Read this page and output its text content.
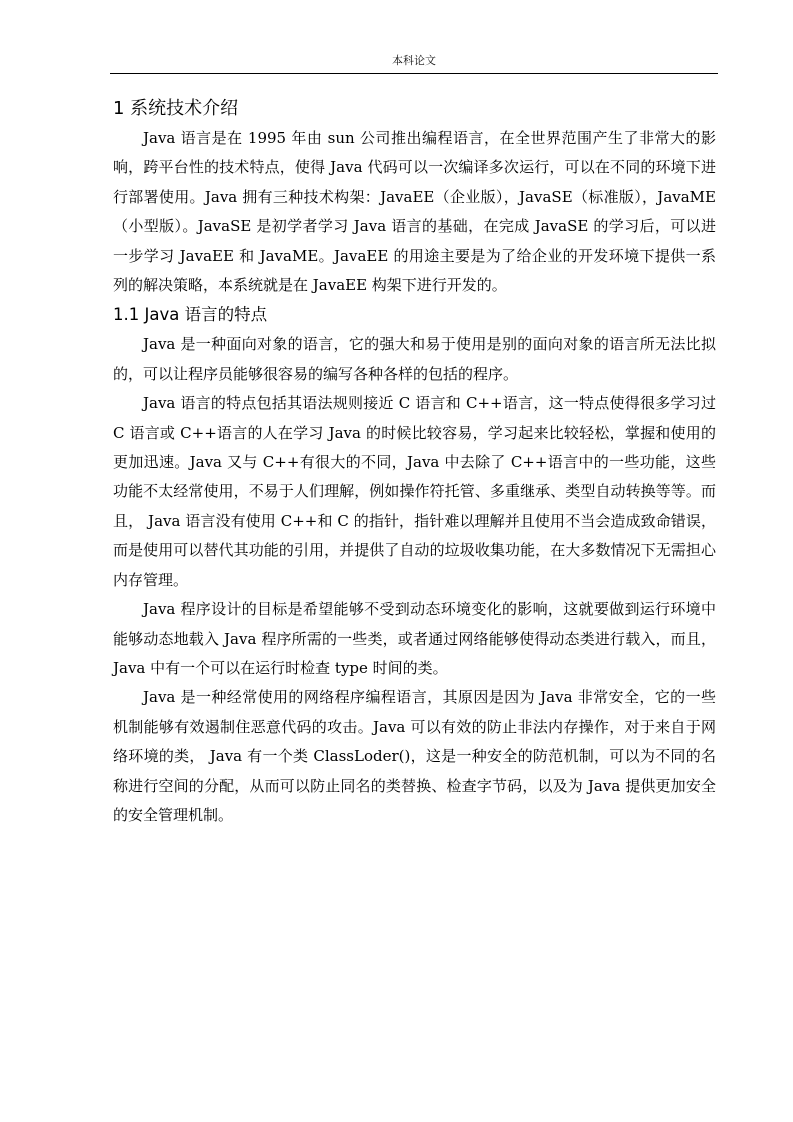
本科论文
1 系统技术介绍

Java 语言是在 1995 年由 sun 公司推出编程语言，在全世界范围产生了非常大的影响，跨平台性的技术特点，使得 Java 代码可以一次编译多次运行，可以在不同的环境下进行部署使用。Java 拥有三种技术构架：JavaEE（企业版），JavaSE（标准版），JavaME（小型版）。JavaSE 是初学者学习 Java 语言的基础，在完成 JavaSE 的学习后，可以进一步学习 JavaEE 和 JavaME。JavaEE 的用途主要是为了给企业的开发环境下提供一系列的解决策略，本系统就是在 JavaEE 构架下进行开发的。

1.1 Java 语言的特点

Java 是一种面向对象的语言，它的强大和易于使用是别的面向对象的语言所无法比拟的，可以让程序员能够很容易的编写各种各样的包括的程序。

Java 语言的特点包括其语法规则接近 C 语言和 C++语言，这一特点使得很多学习过 C 语言或 C++语言的人在学习 Java 的时候比较容易，学习起来比较轻松，掌握和使用的更加迅速。Java 又与 C++有很大的不同，Java 中去除了 C++语言中的一些功能，这些功能不太经常使用，不易于人们理解，例如操作符托管、多重继承、类型自动转换等等。而且， Java 语言没有使用 C++和 C 的指针，指针难以理解并且使用不当会造成致命错误，而是使用可以替代其功能的引用，并提供了自动的垃圾收集功能，在大多数情况下无需担心内存管理。

Java 程序设计的目标是希望能够不受到动态环境变化的影响，这就要做到运行环境中能够动态地载入 Java 程序所需的一些类，或者通过网络能够使得动态类进行载入，而且， Java 中有一个可以在运行时检查 type 时间的类。

Java 是一种经常使用的网络程序编程语言，其原因是因为 Java 非常安全，它的一些机制能够有效遏制住恶意代码的攻击。Java 可以有效的防止非法内存操作，对于来自于网络环境的类， Java 有一个类 ClassLoder()，这是一种安全的防范机制，可以为不同的名称进行空间的分配，从而可以防止同名的类替换、检查字节码，以及为 Java 提供更加安全的安全管理机制。
